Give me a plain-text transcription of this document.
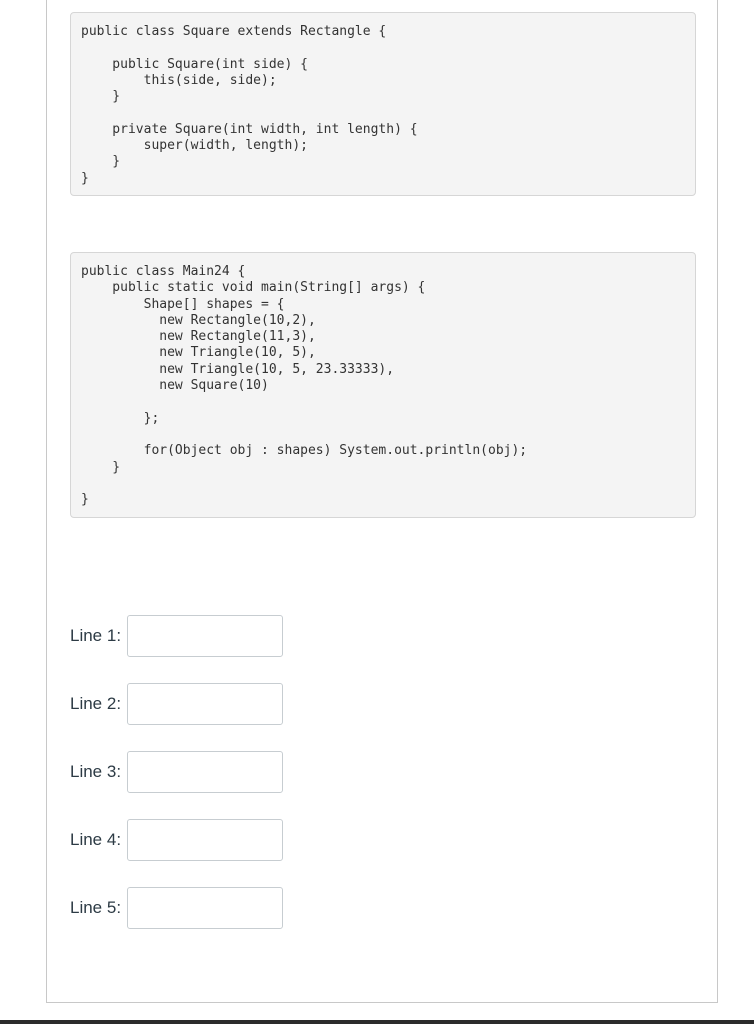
public class Square extends Rectangle {
public Square(int side) {
this(side, side);
}
private Square(int width, int length) {
super(width, length);
}
}
public class Main24 {
public static void main(String[] args) {
Shape[] shapes = {
new Rectangle(10,2),
new Rectangle(11,3),
new Triangle(10, 5),
new Triangle(10, 5, 23.33333),
new Square(10)
};
for(Object obj : shapes) System.out.println(obj);
}
}
Line 1:
Line 2:
Line 3:
Line 4:
Line 5:
